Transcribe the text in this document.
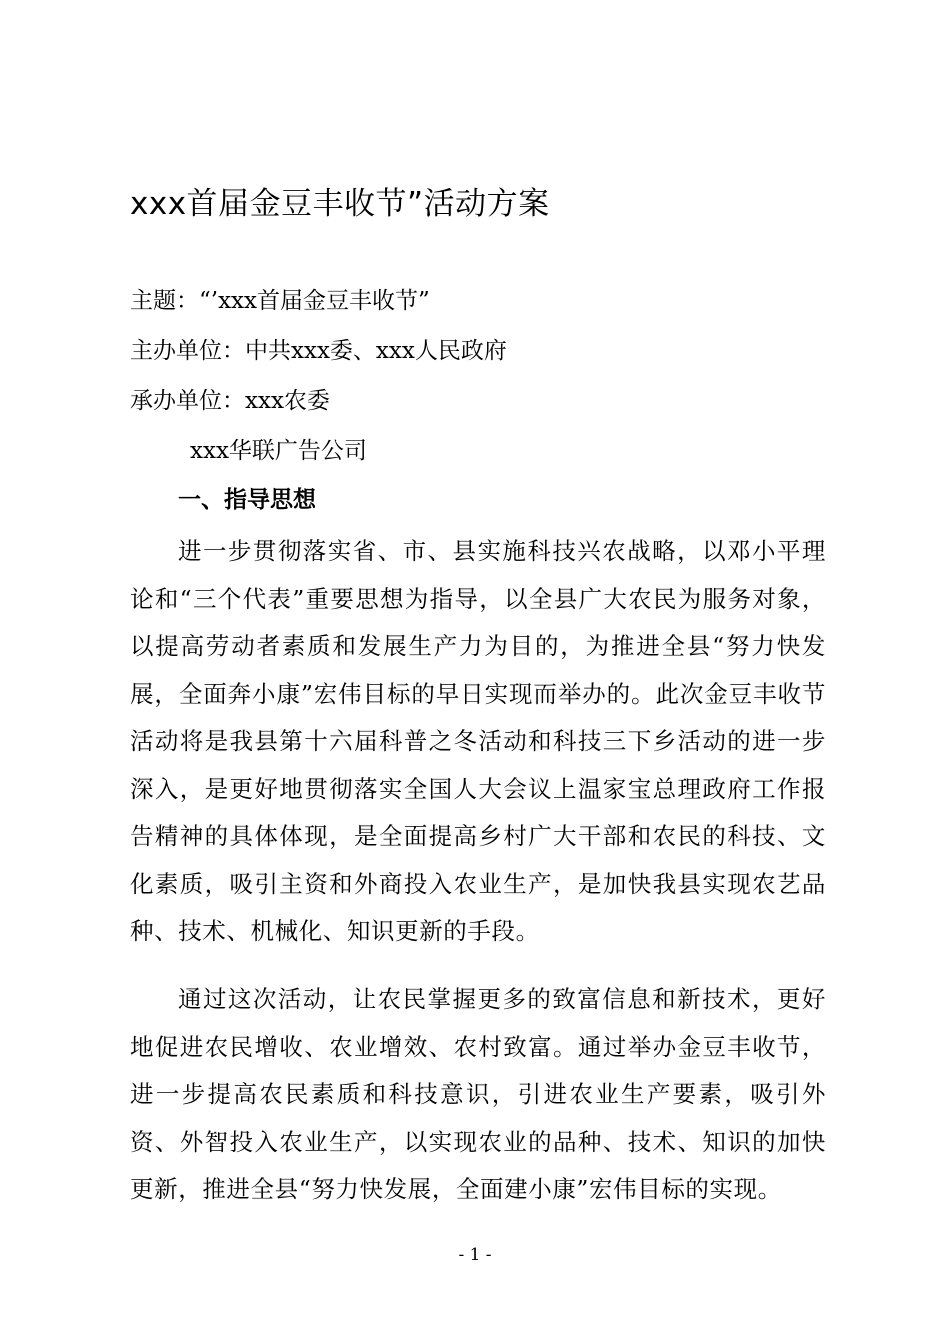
xxx首届金豆丰收节”活动方案
主题：“’xxx首届金豆丰收节”
主办单位：中共xxx委、xxx人民政府
承办单位：xxx农委
xxx华联广告公司
一、指导思想

进一步贯彻落实省、市、县实施科技兴农战略，以邓小平理论和“三个代表”重要思想为指导，以全县广大农民为服务对象，以提高劳动者素质和发展生产力为目的，为推进全县“努力快发展，全面奔小康”宏伟目标的早日实现而举办的。此次金豆丰收节活动将是我县第十六届科普之冬活动和科技三下乡活动的进一步深入，是更好地贯彻落实全国人大会议上温家宝总理政府工作报告精神的具体体现，是全面提高乡村广大干部和农民的科技、文化素质，吸引主资和外商投入农业生产，是加快我县实现农艺品种、技术、机械化、知识更新的手段。

通过这次活动，让农民掌握更多的致富信息和新技术，更好地促进农民增收、农业增效、农村致富。通过举办金豆丰收节，进一步提高农民素质和科技意识，引进农业生产要素，吸引外资、外智投入农业生产，以实现农业的品种、技术、知识的加快更新，推进全县“努力快发展，全面建小康”宏伟目标的实现。

- 1 -
